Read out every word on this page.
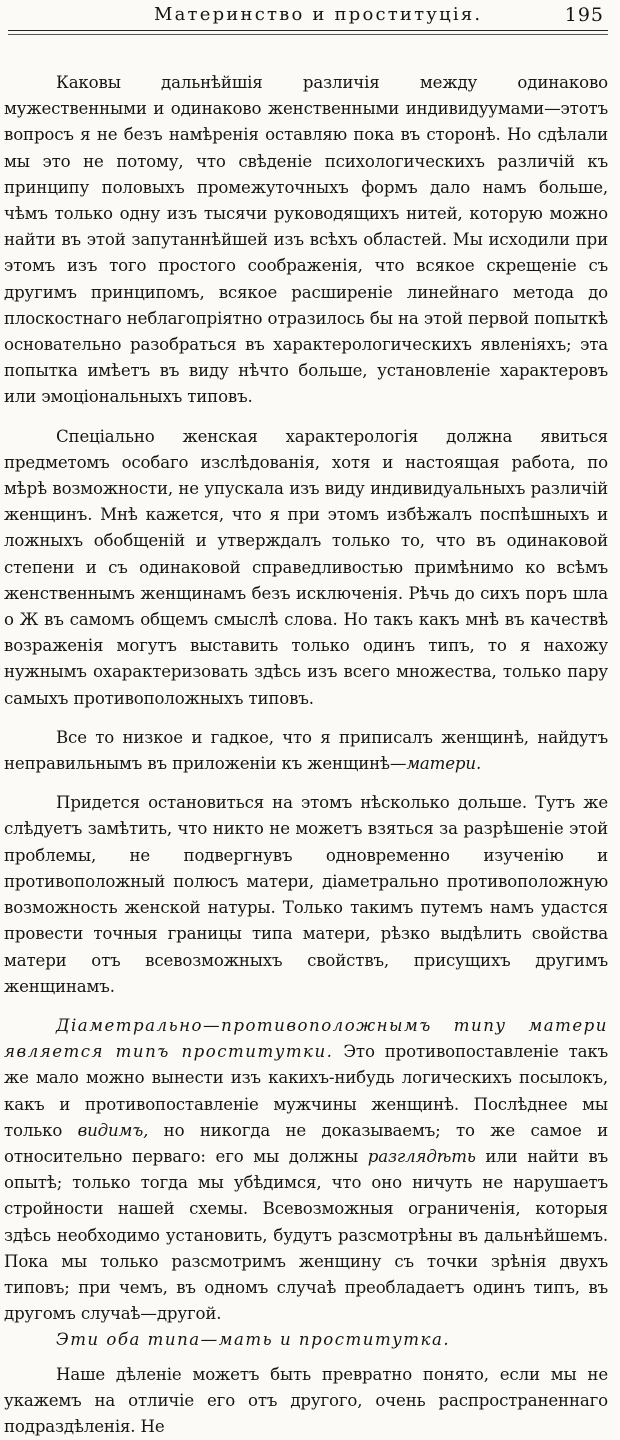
Материнство и проституція.	195

Каковы дальнѣйшія различія между одинаково мужественными и одинаково женственными индивидуумами—этотъ вопросъ я не безъ намѣренія оставляю пока въ сторонѣ. Но сдѣлали мы это не потому, что свѣденіе психологическихъ различій къ принципу половыхъ промежуточныхъ формъ дало намъ больше, чѣмъ только одну изъ тысячи руководящихъ нитей, которую можно найти въ этой запутаннѣйшей изъ всѣхъ областей. Мы исходили при этомъ изъ того простого соображенія, что всякое скрещеніе съ другимъ принципомъ, всякое расширеніе линейнаго метода до плоскостнаго неблагопріятно отразилось бы на этой первой попыткѣ основательно разобраться въ характерологическихъ явленіяхъ; эта попытка имѣетъ въ виду нѣчто больше, установленіе характеровъ или эмоціональныхъ типовъ.

Спеціально женская характерологія должна явиться предметомъ особаго изслѣдованія, хотя и настоящая работа, по мѣрѣ возможности, не упускала изъ виду индивидуальныхъ различій женщинъ. Мнѣ кажется, что я при этомъ избѣжалъ поспѣшныхъ и ложныхъ обобщеній и утверждалъ только то, что въ одинаковой степени и съ одинаковой справедливостью примѣнимо ко всѣмъ женственнымъ женщинамъ безъ исключенія. Рѣчь до сихъ поръ шла о Ж въ самомъ общемъ смыслѣ слова. Но такъ какъ мнѣ въ качествѣ возраженія могутъ выставить только одинъ типъ, то я нахожу нужнымъ охарактеризовать здѣсь изъ всего множества, только пару самыхъ противоположныхъ типовъ.

Все то низкое и гадкое, что я приписалъ женщинѣ, найдутъ неправильнымъ въ приложеніи къ женщинѣ—матери.

Придется остановиться на этомъ нѣсколько дольше. Тутъ же слѣдуетъ замѣтить, что никто не можетъ взяться за разрѣшеніе этой проблемы, не подвергнувъ одновременно изученію и противоположный полюсъ матери, діаметрально противоположную возможность женской натуры. Только такимъ путемъ намъ удастся провести точныя границы типа матери, рѣзко выдѣлить свойства матери отъ всевозможныхъ свойствъ, присущихъ другимъ женщинамъ.

Діаметрально—противоположнымъ типу матери является типъ проститутки. Это противопоставленіе такъ же мало можно вынести изъ какихъ-нибудь логическихъ посылокъ, какъ и противопоставленіе мужчины женщинѣ. Послѣднее мы только видимъ, но никогда не доказываемъ; то же самое и относительно перваго: его мы должны разглядѣть или найти въ опытѣ; только тогда мы убѣдимся, что оно ничуть не нарушаетъ стройности нашей схемы. Всевозможныя ограниченія, которыя здѣсь необходимо установить, будутъ разсмотрѣны въ дальнѣйшемъ. Пока мы только разсмотримъ женщину съ точки зрѣнія двухъ типовъ; при чемъ, въ одномъ случаѣ преобладаетъ одинъ типъ, въ другомъ случаѣ—другой.

Эти оба типа—мать и проститутка.

Наше дѣленіе можетъ быть превратно понято, если мы не укажемъ на отличіе его отъ другого, очень распространеннаго подраздѣленія. Не
